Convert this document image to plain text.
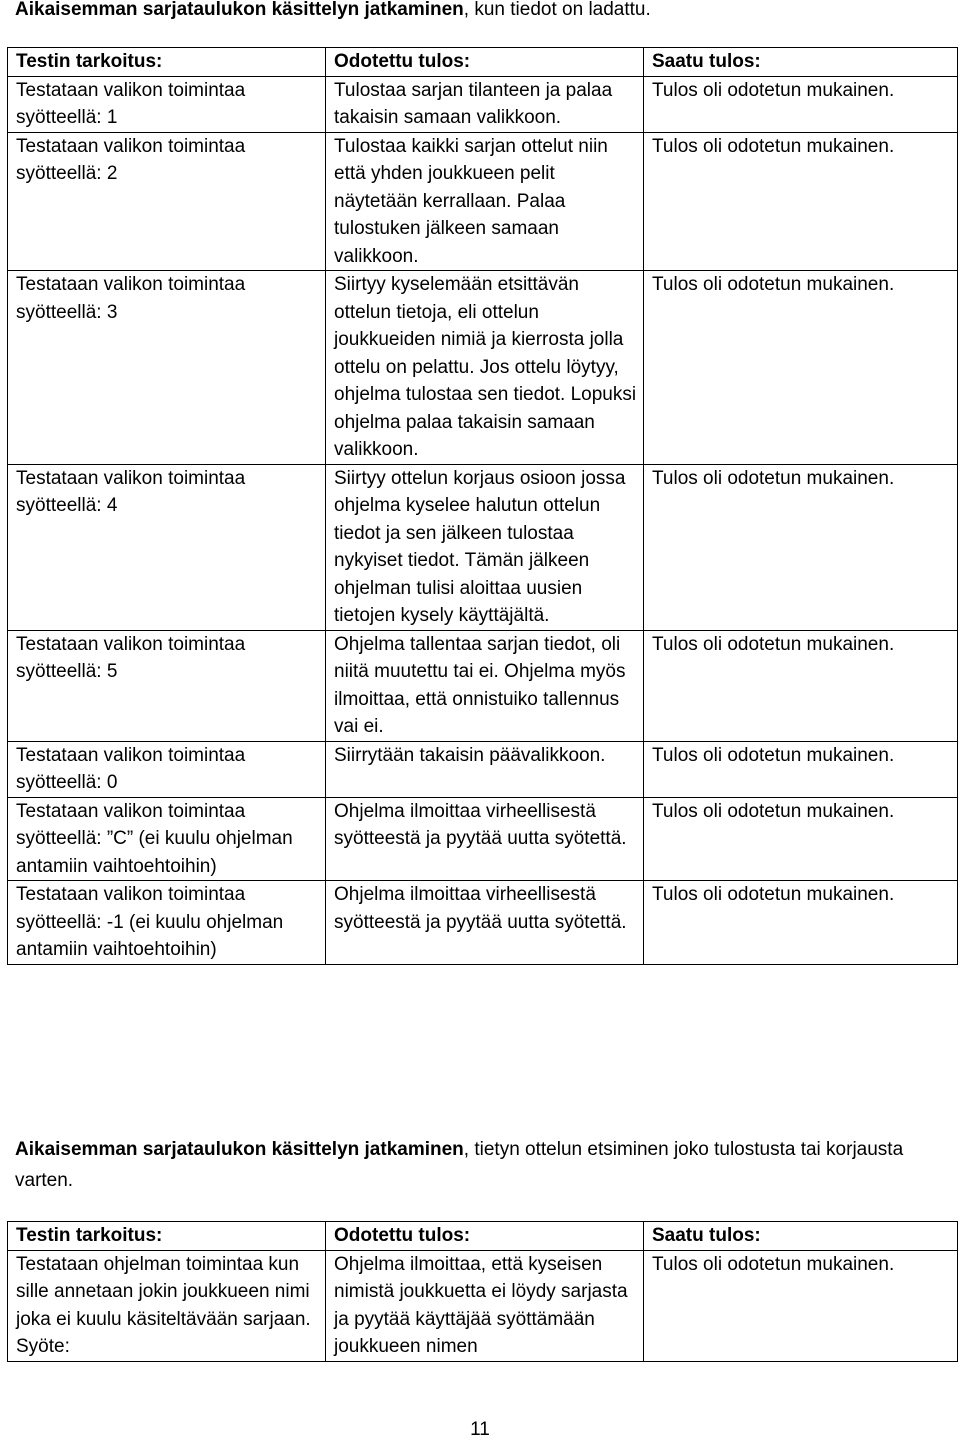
Aikaisemman sarjataulukon käsittelyn jatkaminen, kun tiedot on ladattu.
Testin tarkoitus:	Odotettu tulos:	Saatu tulos:
Testataan valikon toimintaa syötteellä: 1	Tulostaa sarjan tilanteen ja palaa takaisin samaan valikkoon.	Tulos oli odotetun mukainen.
Testataan valikon toimintaa syötteellä: 2	Tulostaa kaikki sarjan ottelut niin että yhden joukkueen pelit näytetään kerrallaan. Palaa tulostuken jälkeen samaan valikkoon.	Tulos oli odotetun mukainen.
Testataan valikon toimintaa syötteellä: 3	Siirtyy kyselemään etsittävän ottelun tietoja, eli ottelun joukkueiden nimiä ja kierrosta jolla ottelu on pelattu. Jos ottelu löytyy, ohjelma tulostaa sen tiedot. Lopuksi ohjelma palaa takaisin samaan valikkoon.	Tulos oli odotetun mukainen.
Testataan valikon toimintaa syötteellä: 4	Siirtyy ottelun korjaus osioon jossa ohjelma kyselee halutun ottelun tiedot ja sen jälkeen tulostaa nykyiset tiedot. Tämän jälkeen ohjelman tulisi aloittaa uusien tietojen kysely käyttäjältä.	Tulos oli odotetun mukainen.
Testataan valikon toimintaa syötteellä: 5	Ohjelma tallentaa sarjan tiedot, oli niitä muutettu tai ei. Ohjelma myös ilmoittaa, että onnistuiko tallennus vai ei.	Tulos oli odotetun mukainen.
Testataan valikon toimintaa syötteellä: 0	Siirrytään takaisin päävalikkoon.	Tulos oli odotetun mukainen.
Testataan valikon toimintaa syötteellä: ”C” (ei kuulu ohjelman antamiin vaihtoehtoihin)	Ohjelma ilmoittaa virheellisestä syötteestä ja pyytää uutta syötettä.	Tulos oli odotetun mukainen.
Testataan valikon toimintaa syötteellä: -1 (ei kuulu ohjelman antamiin vaihtoehtoihin)	Ohjelma ilmoittaa virheellisestä syötteestä ja pyytää uutta syötettä.	Tulos oli odotetun mukainen.
Aikaisemman sarjataulukon käsittelyn jatkaminen, tietyn ottelun etsiminen joko tulostusta tai korjausta varten.
Testin tarkoitus:	Odotettu tulos:	Saatu tulos:
Testataan ohjelman toimintaa kun sille annetaan jokin joukkueen nimi joka ei kuulu käsiteltävään sarjaan. Syöte:	Ohjelma ilmoittaa, että kyseisen nimistä joukkuetta ei löydy sarjasta ja pyytää käyttäjää syöttämään joukkueen nimen	Tulos oli odotetun mukainen.
11
